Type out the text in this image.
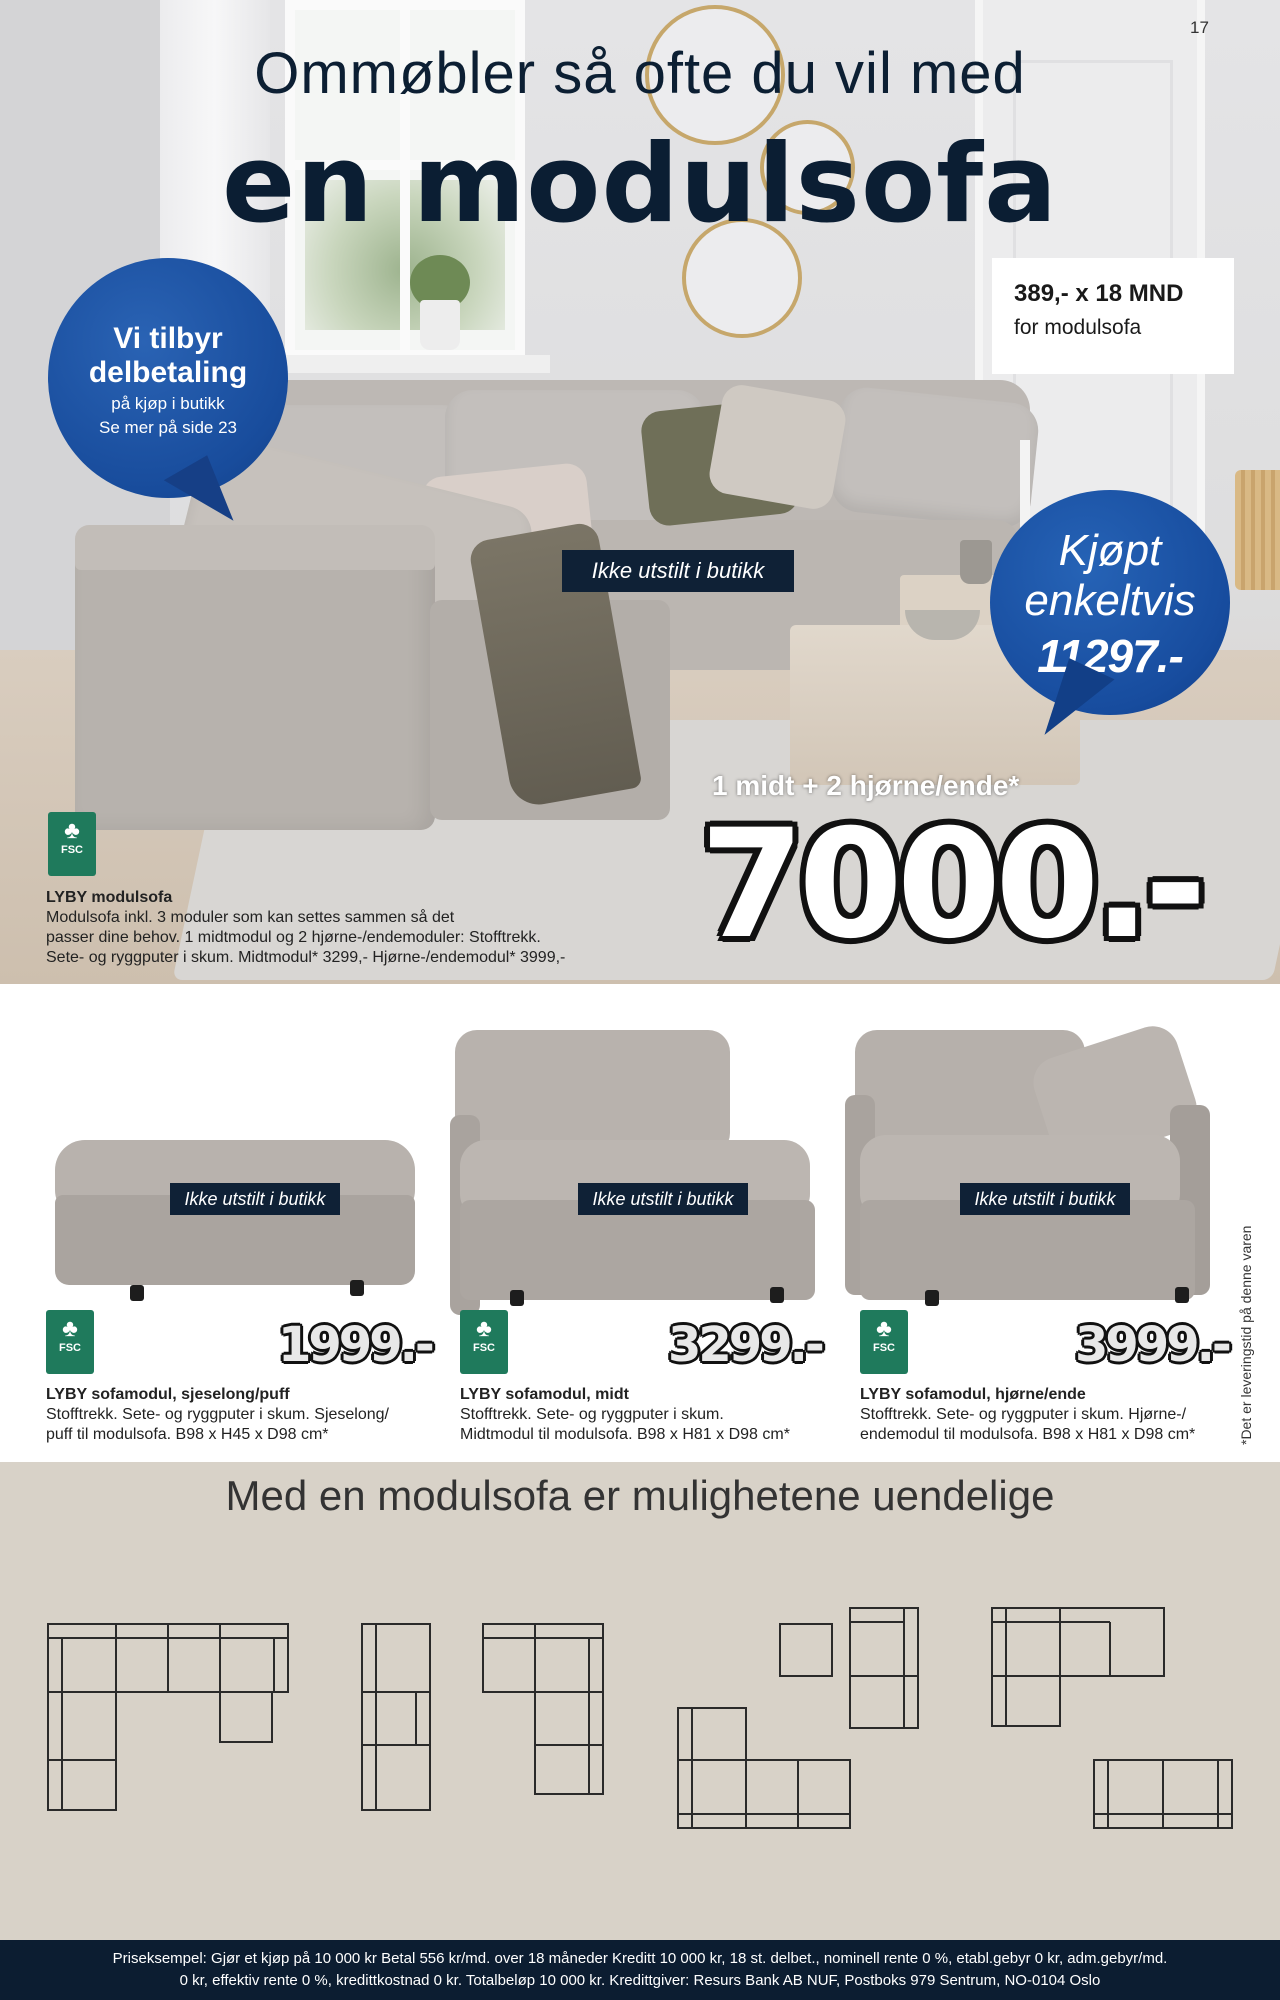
17
Ommøbler så ofte du vil med
en modulsofa
Vi tilbyr
delbetaling
på kjøp i butikk
Se mer på side 23
389,- x 18 MND
for modulsofa
Kjøpt
enkeltvis
11297.-
Ikke utstilt i butikk
1 midt + 2 hjørne/ende*
7000.-
♣
FSC
LYBY modulsofa
Modulsofa inkl. 3 moduler som kan settes sammen så det
passer dine behov. 1 midtmodul og 2 hjørne-/endemoduler: Stofftrekk.
Sete- og ryggputer i skum. Midtmodul* 3299,- Hjørne-/endemodul* 3999,-
Ikke utstilt i butikk	Ikke utstilt i butikk	Ikke utstilt i butikk
♣
FSC	1999.-
LYBY sofamodul, sjeselong/puff
Stofftrekk. Sete- og ryggputer i skum. Sjeselong/
puff til modulsofa. B98 x H45 x D98 cm*
♣
FSC	3299.-
LYBY sofamodul, midt
Stofftrekk. Sete- og ryggputer i skum.
Midtmodul til modulsofa. B98 x H81 x D98 cm*
♣
FSC	3999.-
LYBY sofamodul, hjørne/ende
Stofftrekk. Sete- og ryggputer i skum. Hjørne-/
endemodul til modulsofa. B98 x H81 x D98 cm*	*Det er leveringstid på denne varen
Med en modulsofa er mulighetene uendelige
Priseksempel: Gjør et kjøp på 10 000 kr Betal 556 kr/md. over 18 måneder Kreditt 10 000 kr, 18 st. delbet., nominell rente 0 %, etabl.gebyr 0 kr, adm.gebyr/md.
0 kr, effektiv rente 0 %, kredittkostnad 0 kr. Totalbeløp 10 000 kr. Kredittgiver: Resurs Bank AB NUF, Postboks 979 Sentrum, NO-0104 Oslo
